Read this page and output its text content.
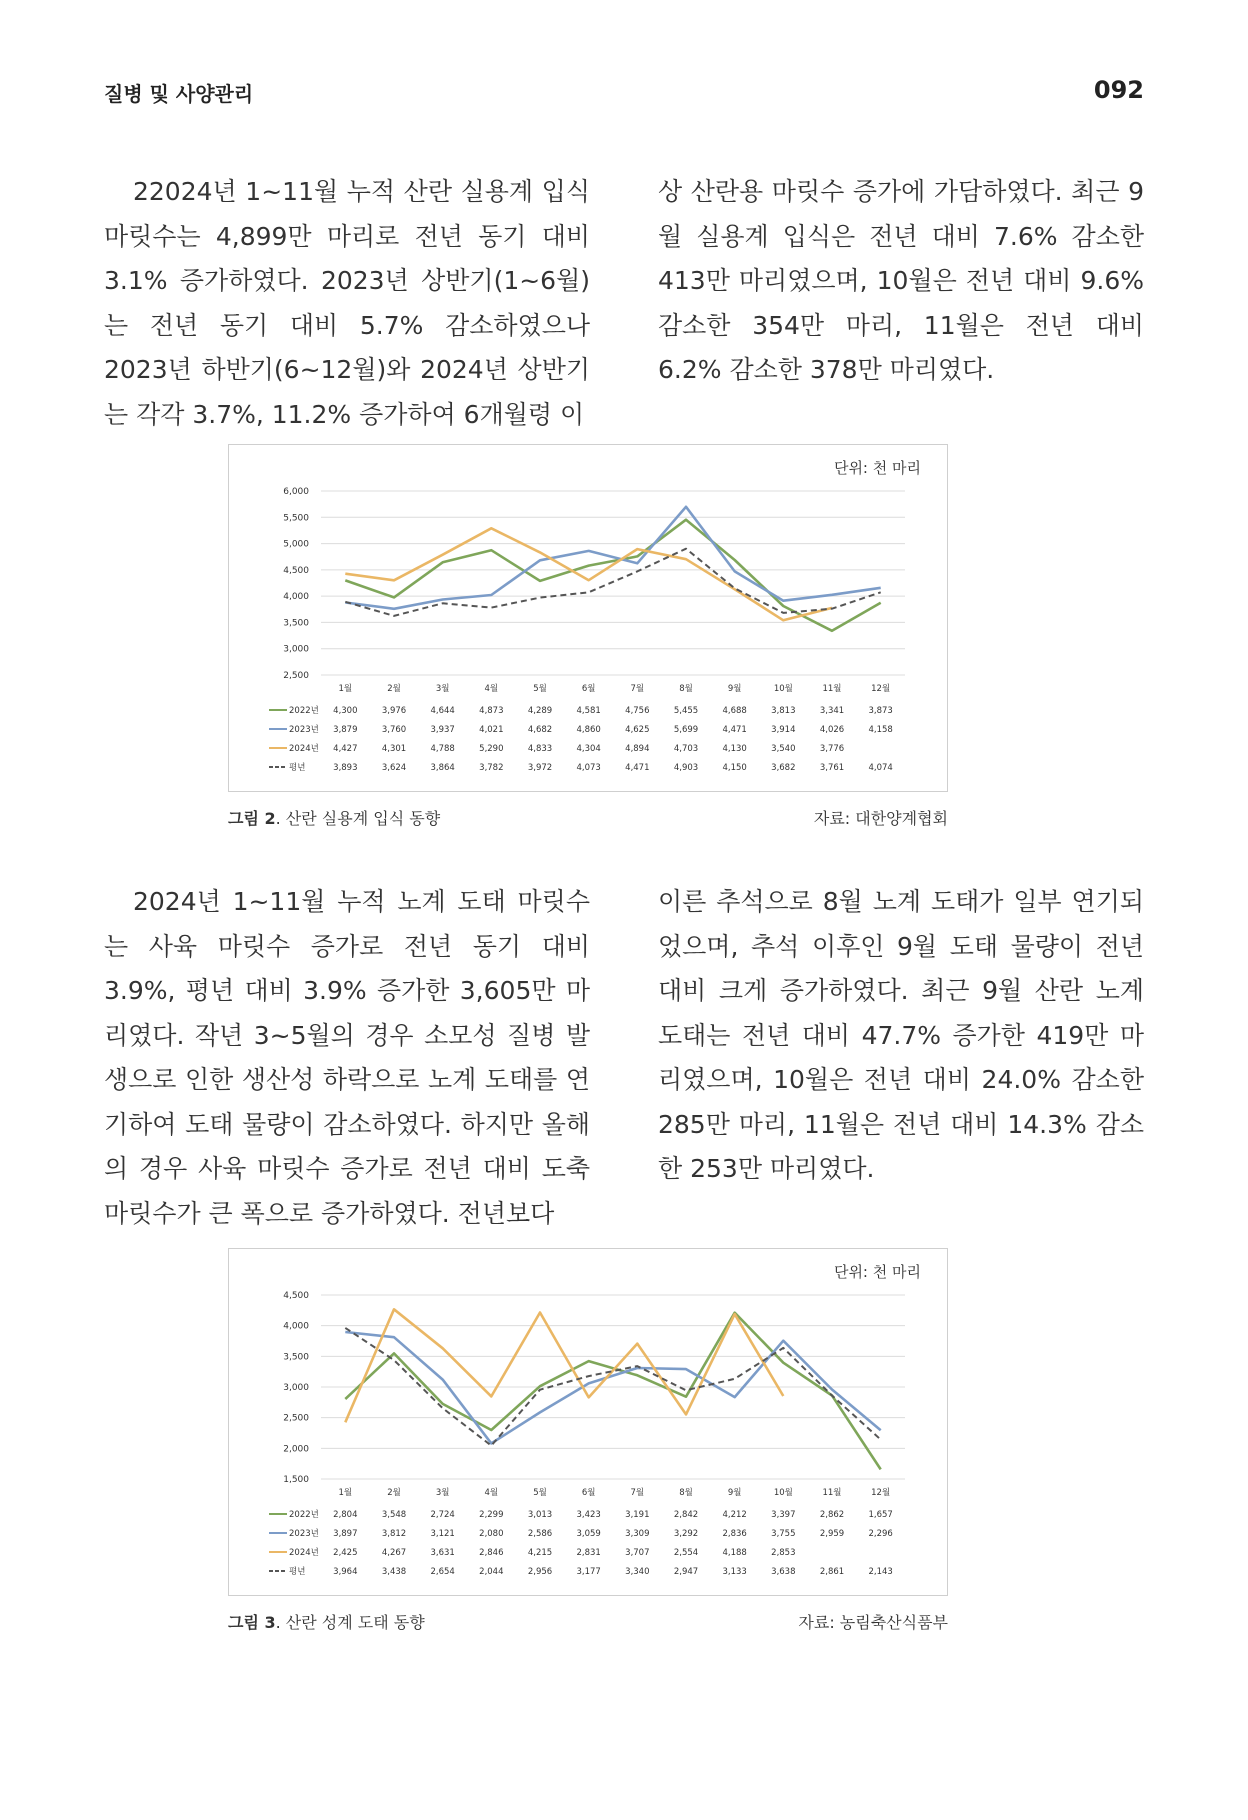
질병 및 사양관리	092

22024년 1~11월 누적 산란 실용계 입식 마릿수는 4,899만 마리로 전년 동기 대비 3.1% 증가하였다. 2023년 상반기(1~6월)는 전년 동기 대비 5.7% 감소하였으나 2023년 하반기(6~12월)와 2024년 상반기는 각각 3.7%, 11.2% 증가하여 6개월령 이

상 산란용 마릿수 증가에 가담하였다. 최근 9월 실용계 입식은 전년 대비 7.6% 감소한 413만 마리였으며, 10월은 전년 대비 9.6% 감소한 354만 마리, 11월은 전년 대비 6.2% 감소한 378만 마리였다.

단위: 천 마리
6,000
5,500
5,000
4,500
4,000
3,500
3,000
2,500
1월	2월	3월	4월	5월	6월	7월	8월	9월	10월	11월	12월
2022년 4,300	3,976	4,644	4,873	4,289	4,581	4,756	5,455	4,688	3,813	3,341	3,873
2023년 3,879	3,760	3,937	4,021	4,682	4,860	4,625	5,699	4,471	3,914	4,026	4,158
2024년 4,427	4,301	4,788	5,290	4,833	4,304	4,894	4,703	4,130	3,540	3,776
평년	3,893	3,624	3,864	3,782	3,972	4,073	4,471	4,903	4,150	3,682	3,761	4,074
그림 2. 산란 실용계 입식 동향	자료: 대한양계협회

2024년 1~11월 누적 노계 도태 마릿수는 사육 마릿수 증가로 전년 동기 대비 3.9%, 평년 대비 3.9% 증가한 3,605만 마리였다. 작년 3~5월의 경우 소모성 질병 발생으로 인한 생산성 하락으로 노계 도태를 연기하여 도태 물량이 감소하였다. 하지만 올해의 경우 사육 마릿수 증가로 전년 대비 도축 마릿수가 큰 폭으로 증가하였다. 전년보다

이른 추석으로 8월 노계 도태가 일부 연기되었으며, 추석 이후인 9월 도태 물량이 전년 대비 크게 증가하였다. 최근 9월 산란 노계 도태는 전년 대비 47.7% 증가한 419만 마리였으며, 10월은 전년 대비 24.0% 감소한 285만 마리, 11월은 전년 대비 14.3% 감소한 253만 마리였다.

단위: 천 마리
4,500
4,000
3,500
3,000
2,500
2,000
1,500
1월	2월	3월	4월	5월	6월	7월	8월	9월	10월	11월	12월
2022년 2,804	3,548	2,724	2,299	3,013	3,423	3,191	2,842	4,212	3,397	2,862	1,657
2023년 3,897	3,812	3,121	2,080	2,586	3,059	3,309	3,292	2,836	3,755	2,959	2,296
2024년 2,425	4,267	3,631	2,846	4,215	2,831	3,707	2,554	4,188	2,853
평년	3,964	3,438	2,654	2,044	2,956	3,177	3,340	2,947	3,133	3,638	2,861	2,143
그림 3. 산란 성계 도태 동향	자료: 농림축산식품부
